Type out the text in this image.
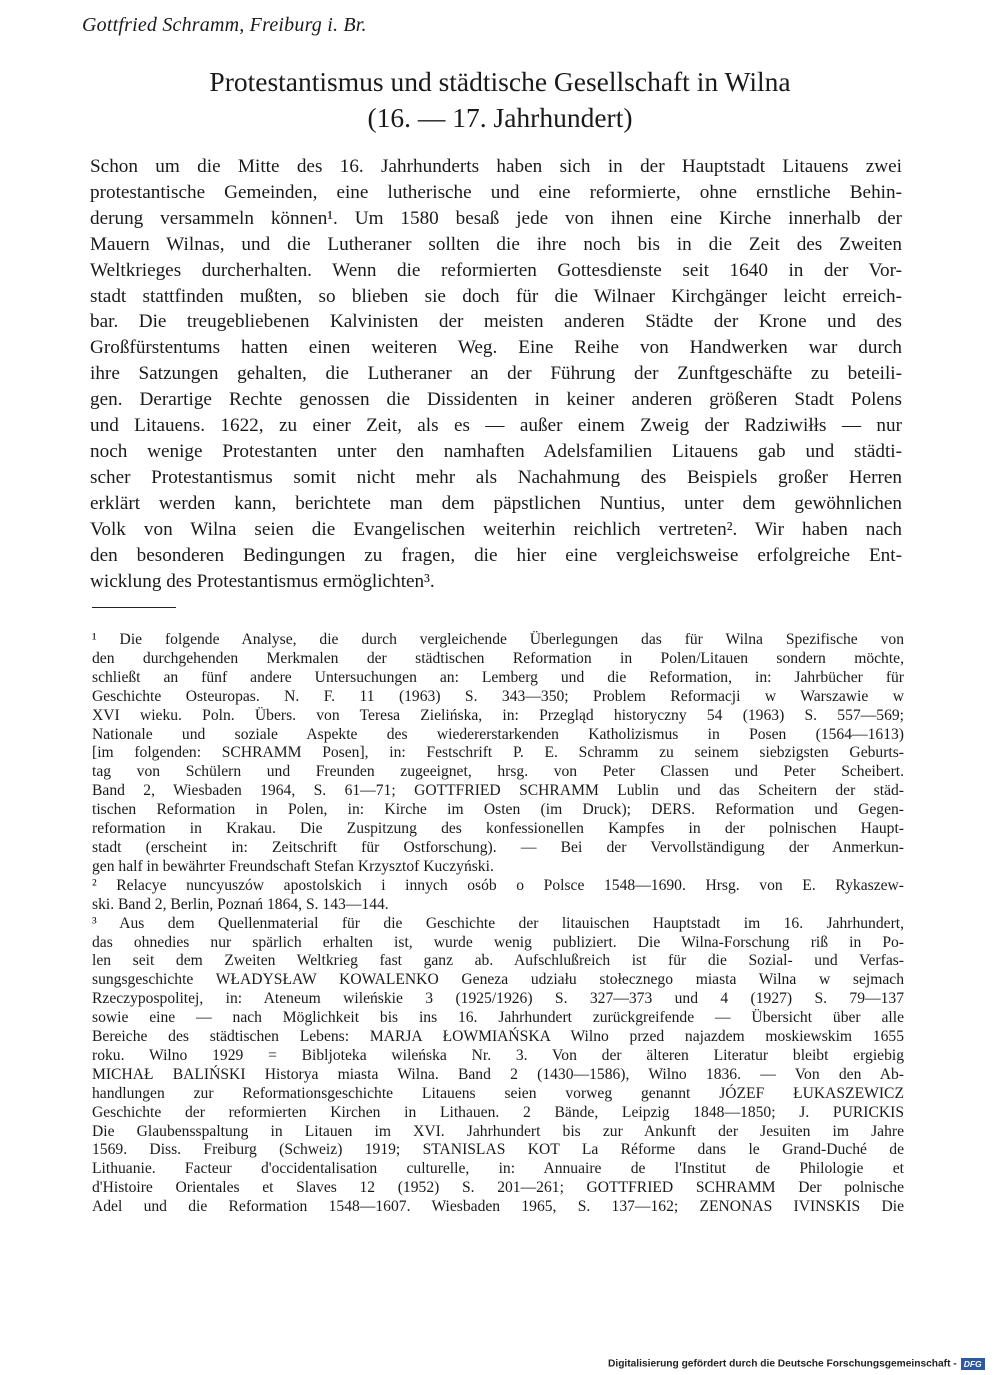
Gottfried Schramm, Freiburg i. Br.
Protestantismus und städtische Gesellschaft in Wilna
(16. — 17. Jahrhundert)
Schon um die Mitte des 16. Jahrhunderts haben sich in der Hauptstadt Litauens zwei
protestantische Gemeinden, eine lutherische und eine reformierte, ohne ernstliche Behin-
derung versammeln können¹. Um 1580 besaß jede von ihnen eine Kirche innerhalb der
Mauern Wilnas, und die Lutheraner sollten die ihre noch bis in die Zeit des Zweiten
Weltkrieges durcherhalten. Wenn die reformierten Gottesdienste seit 1640 in der Vor-
stadt stattfinden mußten, so blieben sie doch für die Wilnaer Kirchgänger leicht erreich-
bar. Die treugebliebenen Kalvinisten der meisten anderen Städte der Krone und des
Großfürstentums hatten einen weiteren Weg. Eine Reihe von Handwerken war durch
ihre Satzungen gehalten, die Lutheraner an der Führung der Zunftgeschäfte zu beteili-
gen. Derartige Rechte genossen die Dissidenten in keiner anderen größeren Stadt Polens
und Litauens. 1622, zu einer Zeit, als es — außer einem Zweig der Radziwiłłs — nur
noch wenige Protestanten unter den namhaften Adelsfamilien Litauens gab und städti-
scher Protestantismus somit nicht mehr als Nachahmung des Beispiels großer Herren
erklärt werden kann, berichtete man dem päpstlichen Nuntius, unter dem gewöhnlichen
Volk von Wilna seien die Evangelischen weiterhin reichlich vertreten². Wir haben nach
den besonderen Bedingungen zu fragen, die hier eine vergleichsweise erfolgreiche Ent-
wicklung des Protestantismus ermöglichten³.
¹ Die folgende Analyse, die durch vergleichende Überlegungen das für Wilna Spezifische von
den durchgehenden Merkmalen der städtischen Reformation in Polen/Litauen sondern möchte,
schließt an fünf andere Untersuchungen an: Lemberg und die Reformation, in: Jahrbücher für
Geschichte Osteuropas. N. F. 11 (1963) S. 343—350; Problem Reformacji w Warszawie w
XVI wieku. Poln. Übers. von Teresa Zielińska, in: Przegląd historyczny 54 (1963) S. 557—569;
Nationale und soziale Aspekte des wiedererstarkenden Katholizismus in Posen (1564—1613)
[im folgenden: SCHRAMM Posen], in: Festschrift P. E. Schramm zu seinem siebzigsten Geburts-
tag von Schülern und Freunden zugeeignet, hrsg. von Peter Classen und Peter Scheibert.
Band 2, Wiesbaden 1964, S. 61—71; GOTTFRIED SCHRAMM Lublin und das Scheitern der städ-
tischen Reformation in Polen, in: Kirche im Osten (im Druck); DERS. Reformation und Gegen-
reformation in Krakau. Die Zuspitzung des konfessionellen Kampfes in der polnischen Haupt-
stadt (erscheint in: Zeitschrift für Ostforschung). — Bei der Vervollständigung der Anmerkun-
gen half in bewährter Freundschaft Stefan Krzysztof Kuczyński.
² Relacye nuncyuszów apostolskich i innych osób o Polsce 1548—1690. Hrsg. von E. Rykaszew-
ski. Band 2, Berlin, Poznań 1864, S. 143—144.
³ Aus dem Quellenmaterial für die Geschichte der litauischen Hauptstadt im 16. Jahrhundert,
das ohnedies nur spärlich erhalten ist, wurde wenig publiziert. Die Wilna-Forschung riß in Po-
len seit dem Zweiten Weltkrieg fast ganz ab. Aufschlußreich ist für die Sozial- und Verfas-
sungsgeschichte WŁADYSŁAW KOWALENKO Geneza udziału stołecznego miasta Wilna w sejmach
Rzeczypospolitej, in: Ateneum wileńskie 3 (1925/1926) S. 327—373 und 4 (1927) S. 79—137
sowie eine — nach Möglichkeit bis ins 16. Jahrhundert zurückgreifende — Übersicht über alle
Bereiche des städtischen Lebens: MARJA ŁOWMIAŃSKA Wilno przed najazdem moskiewskim 1655
roku. Wilno 1929 = Bibljoteka wileńska Nr. 3. Von der älteren Literatur bleibt ergiebig
MICHAŁ BALIŃSKI Historya miasta Wilna. Band 2 (1430—1586), Wilno 1836. — Von den Ab-
handlungen zur Reformationsgeschichte Litauens seien vorweg genannt JÓZEF ŁUKASZEWICZ
Geschichte der reformierten Kirchen in Lithauen. 2 Bände, Leipzig 1848—1850; J. PURICKIS
Die Glaubensspaltung in Litauen im XVI. Jahrhundert bis zur Ankunft der Jesuiten im Jahre
1569. Diss. Freiburg (Schweiz) 1919; STANISLAS KOT La Réforme dans le Grand-Duché de
Lithuanie. Facteur d'occidentalisation culturelle, in: Annuaire de l'Institut de Philologie et
d'Histoire Orientales et Slaves 12 (1952) S. 201—261; GOTTFRIED SCHRAMM Der polnische
Adel und die Reformation 1548—1607. Wiesbaden 1965, S. 137—162; ZENONAS IVINSKIS Die
Digitalisierung gefördert durch die Deutsche Forschungsgemeinschaft - DFG
